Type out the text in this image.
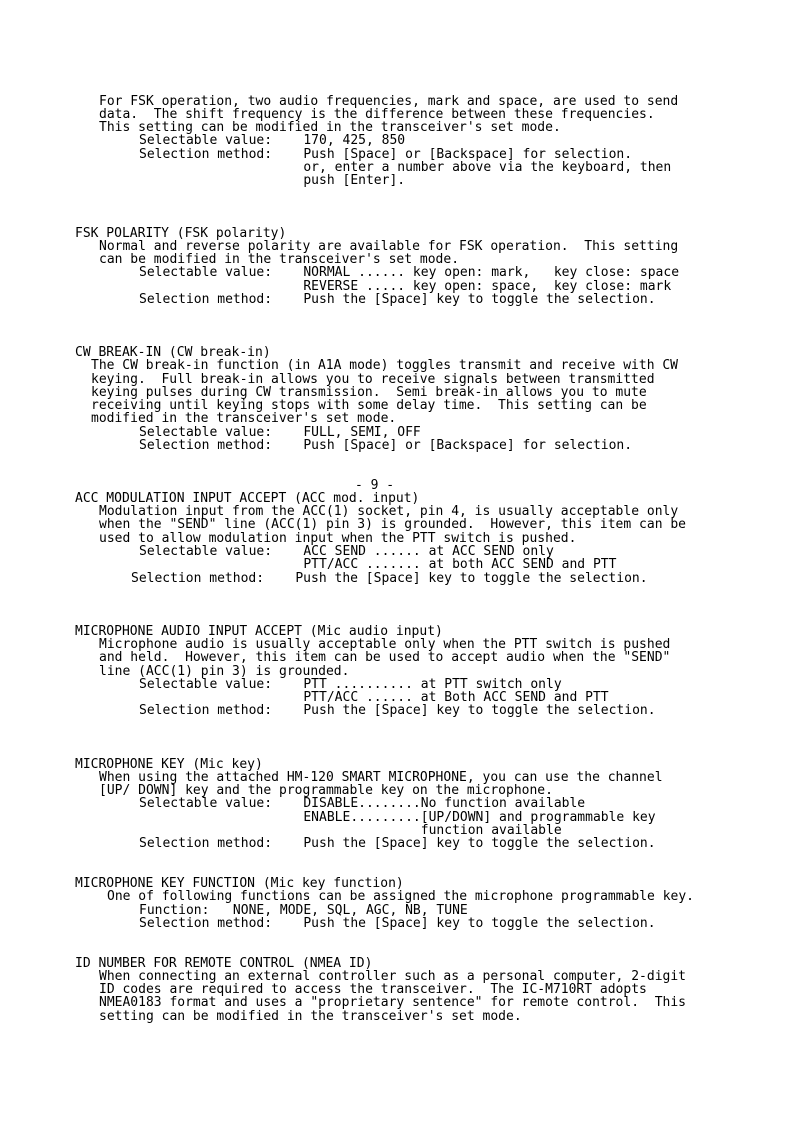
For FSK operation, two audio frequencies, mark and space, are used to send
data.  The shift frequency is the difference between these frequencies.
This setting can be modified in the transceiver's set mode.
Selectable value:    170, 425, 850
Selection method:    Push [Space] or [Backspace] for selection.
or, enter a number above via the keyboard, then
push [Enter].
FSK POLARITY (FSK polarity)
Normal and reverse polarity are available for FSK operation.  This setting
can be modified in the transceiver's set mode.
Selectable value:    NORMAL ...... key open: mark,   key close: space
REVERSE ..... key open: space,  key close: mark
Selection method:    Push the [Space] key to toggle the selection.
CW BREAK-IN (CW break-in)
The CW break-in function (in A1A mode) toggles transmit and receive with CW
keying.  Full break-in allows you to receive signals between transmitted
keying pulses during CW transmission.  Semi break-in allows you to mute
receiving until keying stops with some delay time.  This setting can be
modified in the transceiver's set mode.
Selectable value:    FULL, SEMI, OFF
Selection method:    Push [Space] or [Backspace] for selection.
- 9 -
ACC MODULATION INPUT ACCEPT (ACC mod. input)
Modulation input from the ACC(1) socket, pin 4, is usually acceptable only
when the "SEND" line (ACC(1) pin 3) is grounded.  However, this item can be
used to allow modulation input when the PTT switch is pushed.
Selectable value:    ACC SEND ...... at ACC SEND only
PTT/ACC ....... at both ACC SEND and PTT
Selection method:    Push the [Space] key to toggle the selection.
MICROPHONE AUDIO INPUT ACCEPT (Mic audio input)
Microphone audio is usually acceptable only when the PTT switch is pushed
and held.  However, this item can be used to accept audio when the "SEND"
line (ACC(1) pin 3) is grounded.
Selectable value:    PTT .......... at PTT switch only
PTT/ACC ...... at Both ACC SEND and PTT
Selection method:    Push the [Space] key to toggle the selection.
MICROPHONE KEY (Mic key)
When using the attached HM-120 SMART MICROPHONE, you can use the channel
[UP/ DOWN] key and the programmable key on the microphone.
Selectable value:    DISABLE........No function available
ENABLE.........[UP/DOWN] and programmable key
function available
Selection method:    Push the [Space] key to toggle the selection.
MICROPHONE KEY FUNCTION (Mic key function)
One of following functions can be assigned the microphone programmable key.
Function:   NONE, MODE, SQL, AGC, NB, TUNE
Selection method:    Push the [Space] key to toggle the selection.
ID NUMBER FOR REMOTE CONTROL (NMEA ID)
When connecting an external controller such as a personal computer, 2-digit
ID codes are required to access the transceiver.  The IC-M710RT adopts
NMEA0183 format and uses a "proprietary sentence" for remote control.  This
setting can be modified in the transceiver's set mode.
